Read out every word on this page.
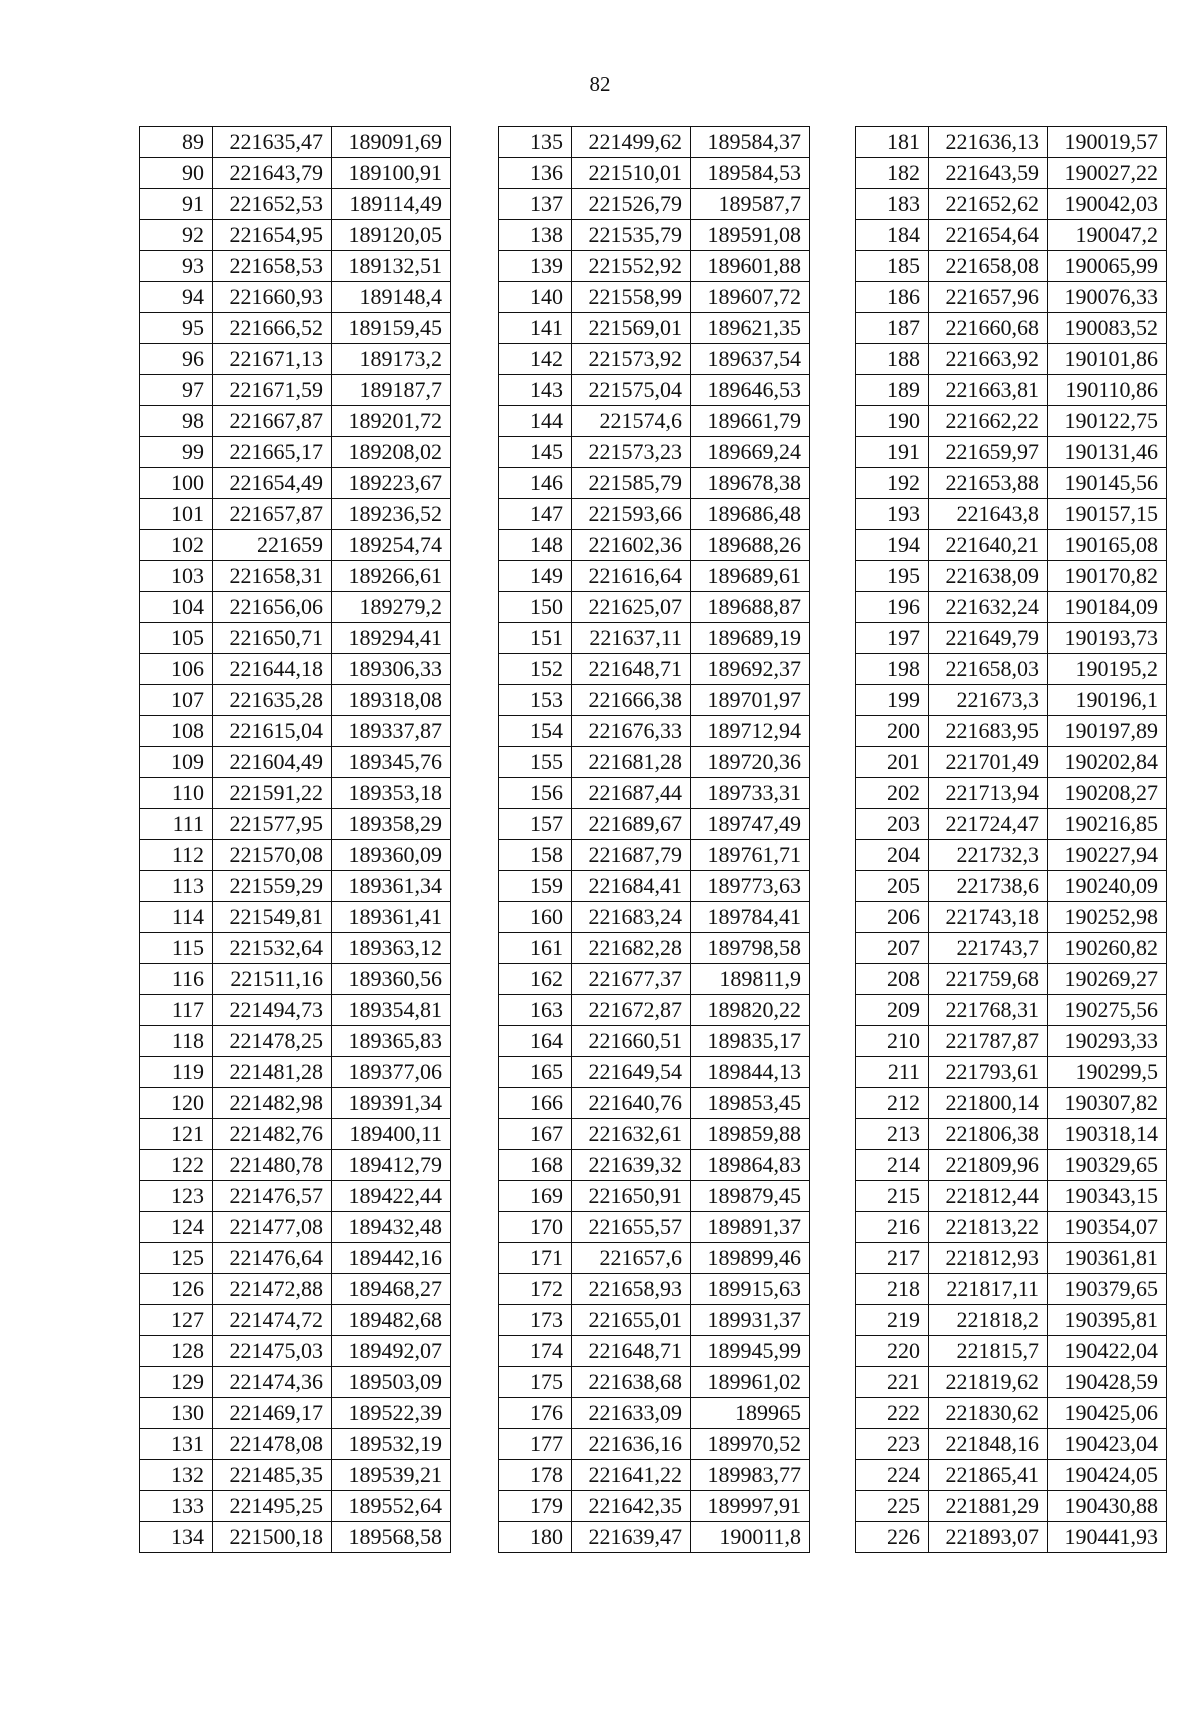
82
89	221635,47	189091,69
90	221643,79	189100,91
91	221652,53	189114,49
92	221654,95	189120,05
93	221658,53	189132,51
94	221660,93	189148,4
95	221666,52	189159,45
96	221671,13	189173,2
97	221671,59	189187,7
98	221667,87	189201,72
99	221665,17	189208,02
100	221654,49	189223,67
101	221657,87	189236,52
102	221659	189254,74
103	221658,31	189266,61
104	221656,06	189279,2
105	221650,71	189294,41
106	221644,18	189306,33
107	221635,28	189318,08
108	221615,04	189337,87
109	221604,49	189345,76
110	221591,22	189353,18
111	221577,95	189358,29
112	221570,08	189360,09
113	221559,29	189361,34
114	221549,81	189361,41
115	221532,64	189363,12
116	221511,16	189360,56
117	221494,73	189354,81
118	221478,25	189365,83
119	221481,28	189377,06
120	221482,98	189391,34
121	221482,76	189400,11
122	221480,78	189412,79
123	221476,57	189422,44
124	221477,08	189432,48
125	221476,64	189442,16
126	221472,88	189468,27
127	221474,72	189482,68
128	221475,03	189492,07
129	221474,36	189503,09
130	221469,17	189522,39
131	221478,08	189532,19
132	221485,35	189539,21
133	221495,25	189552,64
134	221500,18	189568,58
135	221499,62	189584,37
136	221510,01	189584,53
137	221526,79	189587,7
138	221535,79	189591,08
139	221552,92	189601,88
140	221558,99	189607,72
141	221569,01	189621,35
142	221573,92	189637,54
143	221575,04	189646,53
144	221574,6	189661,79
145	221573,23	189669,24
146	221585,79	189678,38
147	221593,66	189686,48
148	221602,36	189688,26
149	221616,64	189689,61
150	221625,07	189688,87
151	221637,11	189689,19
152	221648,71	189692,37
153	221666,38	189701,97
154	221676,33	189712,94
155	221681,28	189720,36
156	221687,44	189733,31
157	221689,67	189747,49
158	221687,79	189761,71
159	221684,41	189773,63
160	221683,24	189784,41
161	221682,28	189798,58
162	221677,37	189811,9
163	221672,87	189820,22
164	221660,51	189835,17
165	221649,54	189844,13
166	221640,76	189853,45
167	221632,61	189859,88
168	221639,32	189864,83
169	221650,91	189879,45
170	221655,57	189891,37
171	221657,6	189899,46
172	221658,93	189915,63
173	221655,01	189931,37
174	221648,71	189945,99
175	221638,68	189961,02
176	221633,09	189965
177	221636,16	189970,52
178	221641,22	189983,77
179	221642,35	189997,91
180	221639,47	190011,8
181	221636,13	190019,57
182	221643,59	190027,22
183	221652,62	190042,03
184	221654,64	190047,2
185	221658,08	190065,99
186	221657,96	190076,33
187	221660,68	190083,52
188	221663,92	190101,86
189	221663,81	190110,86
190	221662,22	190122,75
191	221659,97	190131,46
192	221653,88	190145,56
193	221643,8	190157,15
194	221640,21	190165,08
195	221638,09	190170,82
196	221632,24	190184,09
197	221649,79	190193,73
198	221658,03	190195,2
199	221673,3	190196,1
200	221683,95	190197,89
201	221701,49	190202,84
202	221713,94	190208,27
203	221724,47	190216,85
204	221732,3	190227,94
205	221738,6	190240,09
206	221743,18	190252,98
207	221743,7	190260,82
208	221759,68	190269,27
209	221768,31	190275,56
210	221787,87	190293,33
211	221793,61	190299,5
212	221800,14	190307,82
213	221806,38	190318,14
214	221809,96	190329,65
215	221812,44	190343,15
216	221813,22	190354,07
217	221812,93	190361,81
218	221817,11	190379,65
219	221818,2	190395,81
220	221815,7	190422,04
221	221819,62	190428,59
222	221830,62	190425,06
223	221848,16	190423,04
224	221865,41	190424,05
225	221881,29	190430,88
226	221893,07	190441,93
